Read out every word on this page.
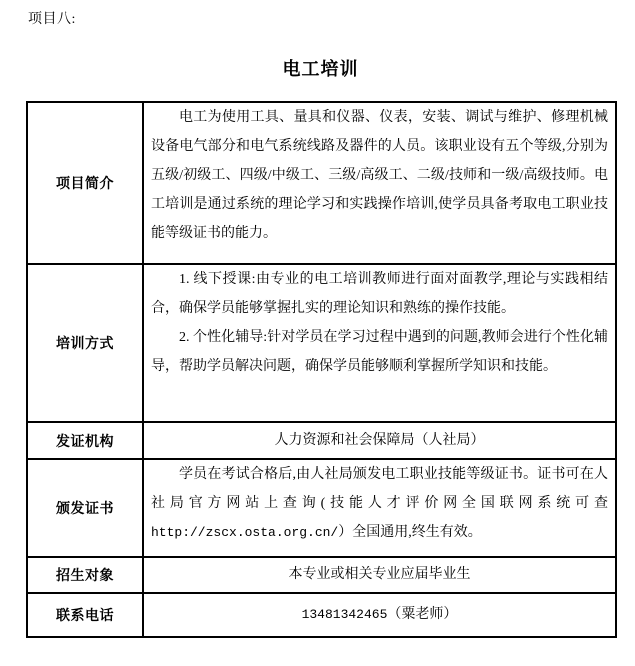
项目八:
电工培训
项目简介	电工为使用工具、量具和仪器、仪表，安装、调试与维护、修理机械设备电气部分和电气系统线路及器件的人员。该职业设有五个等级,分别为五级/初级工、四级/中级工、三级/高级工、二级/技师和一级/高级技师。电工培训是通过系统的理论学习和实践操作培训,使学员具备考取电工职业技能等级证书的能力。

培训方式	1. 线下授课:由专业的电工培训教师进行面对面教学,理论与实践相结合，确保学员能够掌握扎实的理论知识和熟练的操作技能。

2. 个性化辅导:针对学员在学习过程中遇到的问题,教师会进行个性化辅导，帮助学员解决问题，确保学员能够顺利掌握所学知识和技能。

发证机构	人力资源和社会保障局（人社局）
颁发证书	学员在考试合格后,由人社局颁发电工职业技能等级证书。证书可在人社局官方网站上查询(技能人才评价网全国联网系统可查http://zscx.osta.org.cn/）全国通用,终生有效。

招生对象	本专业或相关专业应届毕业生
联系电话	13481342465（粟老师）
